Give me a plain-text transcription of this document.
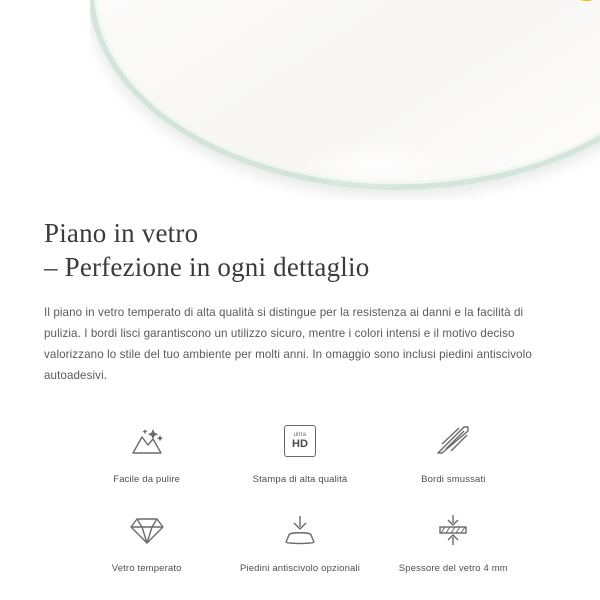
Piano in vetro
– Perfezione in ogni dettaglio

Il piano in vetro temperato di alta qualità si distingue per la resistenza ai danni e la facilità di pulizia. I bordi lisci garantiscono un utilizzo sicuro, mentre i colori intensi e il motivo deciso valorizzano lo stile del tuo ambiente per molti anni. In omaggio sono inclusi piedini antiscivolo autoadesivi.

Facile da pulire
ultra
HD
Stampa di alta qualità	Bordi smussati
Vetro temperato	Piedini antiscivolo opzionali	Spessore del vetro 4 mm
